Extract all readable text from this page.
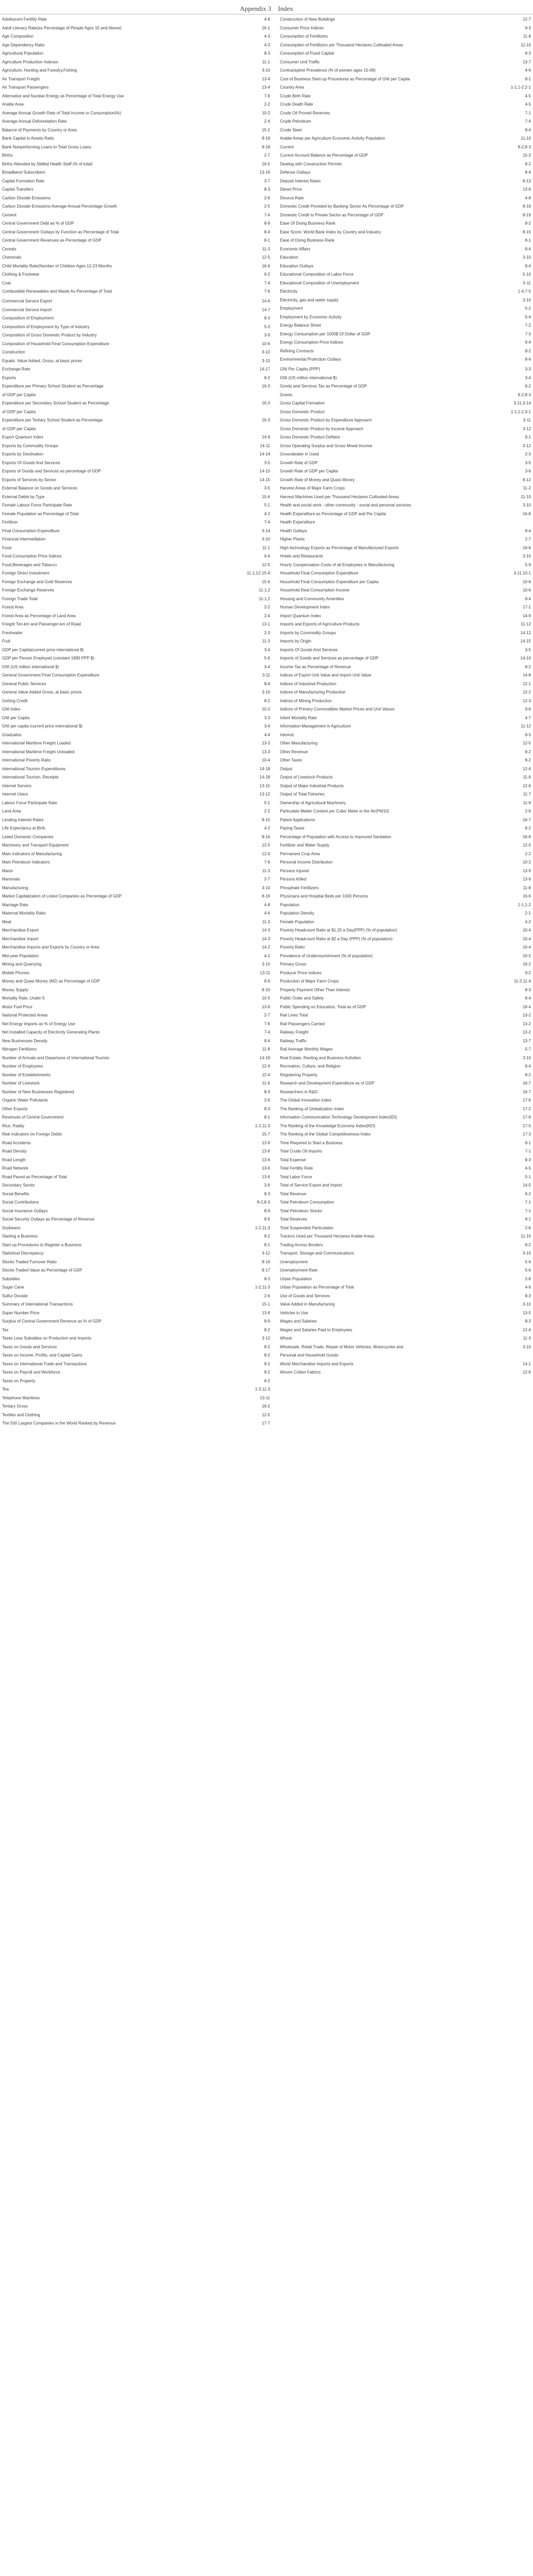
Appendix 3　Index
Adolescent Fertility Rate	4-6
Adult Literacy Rate(as Percentage of People Ages 15 and Above)	16-1
Age Composition	4-3
Age Dependency Ratio	4-3
Agricultural Population	8-3
Agriculture Production Indexes	11-1
Agriculture, Hunting and Forestry,Fishing	3-10
Air Transport Freight	13-4
Air Transport Passengers	13-4
Alternative and Nuclear Energy as Percentage of Total Energy Use	7-6
Arable Area	2-2
Average Annual Growth Rate of Total Income or Consumption(%)	10-2
Average Annual Deforestation Rate	2-4
Balance of Payments by Country or Area	15-2
Bank Capital to Assets Ratio	8-18
Bank Nonperforming Loans to Total Gross Loans	8-18
Births	2-7
Births Attended by Skilled Health Staff (% of total)	16-5
Broadband Subscribers	13-19
Capital Formation Rate	3-7
Capital Transfers	8-3
Carbon Dioxide Emissions	2-6
Carbon Dioxide Emissions Average Annual Percentage Growth	2-5
Cement	7-4
Central Government Debt as % of GDP	8-9
Central Government Outlays by Function as Percentage of Total	8-4
Central Government Revenues as Percentage of GDP	8-1
Cereals	11-3
Chemicals	12-5
Child Mortality Rate(Number of Children Ages 12-23 Months	16-6
Clothing & Footwear	6-2
Coal	7-4
Combustible Renewables and Waste As Percentage of Total	7-6
Commercial Service Export	14-6
Commercial Service Import	14-7
Composition of Employment	8-3
Composition of Employment by Type of Industry	5-3
Composition of Gross Domestic Product by Industry	3-9
Composition of Household Final Consumption Expenditure	10-6
Construction	3-10
Equals: Value Added, Gross, at basic prices	3-10
Exchange Rate	14-17
Exports	8-2
Expenditure per Primary School Student as Percentage	16-3
of GDP per Capita
Expenditure per Secondary School Student as Percentage	16-3
of GDP per Capita
Expenditure per Tertiary School Student as Percentage	16-3
of GDP per Capita
Export Quantum Index	14-9
Exports by Commodity Groups	14-11
Exports by Destination	14-14
Exports Of Goods And Services	3-5
Exports of Goods and Services as percentage of GDP	14-10
Exports of Services by Sector	14-15
External Balance on Goods and Services	3-5
External Debts by Type	15-6
Female Labour Force Participate Rate	5-1
Female Population as Percentage of Total	4-2
Fertilizer	7-4
Final Consumption Expenditure	3-14
Financial intermediation	3-10
Food	11-1
Food Consumption Price Indices	9-4
Food,Beverages and Tobacco	12-5
Foreign Direct Investment	11-1,12-15-4
Foreign Exchange and Gold Reserves	15-6
Foreign Exchange Reserves	11-1,2
Foreign Trade Total	11-1,2
Forest Area	2-2
Forest Area as Percentage of Land Area	2-4
Freight Ton-km and Passenger-km of Road	13-1
Freshwater	2-3
Fruit	11-3
GDP per Capita(current price international $)	3-4
GDP per Person Employed (constant 1990 PPP $)	5-6
GNI (US million international $)	3-4
General Government Final Consumption Expenditure	3-11
General Public Services	8-4
General Value Added Gross, at basic prices	3-10
Getting Credit	8-2
GNI index	10-2
GNI per Capita	3-3
GNI per capita (current price international $)	3-4
Graduates	4-4
International Maritime Freight Loaded	13-3
International Maritime Freight Unloaded	13-3
International Poverty Ratio	10-4
International Tourism Expenditures	14-18
International Tourism, Receipts	14-18
Internet Servers	13-15
Internet Users	13-12
Labour Force Participate Rate	5-1
Land Area	2-2
Lending Interest Rates	8-15
Life Expectancy at Birth	4-2
Listed Domestic Companies	8-16
Machinery and Transport Equipment	12-5
Main Indicators of Manufacturing	12-4
Main Petroleum Indicators	7-6
Maize	11-3
Mammals	2-7
Manufacturing	3-10
Market Capitalization of Listed Companies as Percentage of GDP	8-16
Marriage Rate	4-8
Maternal Mortality Ratio	4-6
Meat	11-3
Merchandise Export	14-3
Merchandise Import	14-3
Merchandise Imports and Exports by Country or Area	14-2
Mid-year Population	4-1
Mining and Quarrying	3-10
Mobile Phones	13-11
Money and Quasi Money (M2) as Percentage of GDP	8-9
Money Supply	8-10
Mortality Rate, Under-5	10-5
Motor Fuel Price	13-6
National Protected Areas	2-7
Net Energy Imports as % of Energy Use	7-6
Net Installed Capacity of Electricity Generating Plants	7-4
New Businesses Density	8-4
Nitrogen Fertilizers	11-8
Number of Arrivals and Departures of International Tourists	14-18
Number of Employees	12-4
Number of Establishments	12-4
Number of Livestock	11-6
Number of New Businesses Registered	8-3
Organic Water Pollutants	2-6
Other Exports	8-3
Revenues of Central Government	8-1
Rice, Paddy	1-2,11-3
Risk Indicators on Foreign Debts	15-7
Road Accidents	13-9
Road Density	13-6
Road Length	13-6
Road Network	13-6
Road Paved as Percentage of Total	13-6
Secondary Sector	3-9
Social Benefits	8-3
Social Contributions	8-2,8-3
Social Insurance Outlays	8-4
Social Security Outlays as Percentage of Revenue	8-5
Soybeans	1-2,11-3
Starting a Business	8-2
Start-up Procedures to Register a Business	8-1
Statistical Discrepancy	3-12
Stocks Traded Turnover Ratio	8-16
Stocks Traded Value as Percentage of GDP	8-17
Subsidies	8-3
Sugar Cane	1-2,11-3
Sulfur Dioxide	2-6
Summary of International Transactions	15-1
Super Number Price	13-6
Surplus of Central Government Revenue as % of GDP	8-9
Tax	8-2
Taxes Less Subsidies on Production and Imports	3-12
Taxes on Goods and Services	8-2
Taxes on Income, Profits, and Capital Gains	8-2
Taxes on International Trade and Transactions	8-2
Taxes on Payroll and Workforce	8-2
Taxes on Property	8-2
Tea	1-3,11-3
Telephone Mainlines	13-11
Tertiary Gross	16-2
Textiles and Clothing	12-5
The 500 Largest Companies in the World Ranked by Revenue	17-7
Construction of New Buildings	12-7
Consumer Price Indices	9-3
Consumption of Fertilizers	11-8
Consumption of Fertilizers per Thousand Hectares Cultivated Areas	11-10
Consumption of Fixed Capital	8-3
Consumer Unit Traffic	13-7
Contraceptive Prevalence (% of women ages 15-49)	4-6
Cost of Business Start-up Procedures as Percentage of GNI per Capita	8-1
Country Area	1-1,1-2,2-1
Crude Birth Rate	4-5
Crude Death Rate	4-5
Crude Oil Proved Reserves	7-1
Crude Petroleum	7-4
Crude Steel	8-4
Arable Areas per Agriculture Economic Activity Population	11-10
Current	8-2,8-3
Current Account Balance as Percentage of GDP	15-3
Dealing with Construction Permits	8-2
Defense Outlays	8-4
Deposit Interest Rates	8-13
Diesel Price	13-6
Divorce Rate	4-8
Domestic Credit Provided by Banking Sector As Percentage of GDP	8-19
Domestic Credit to Private Sector as Percentage of GDP	8-19
Ease Of Doing Business Rank	8-2
Ease Score: World Bank Index by Country and Industry	8-15
Ease of Doing Business Rank	8-1
Economic Affairs	8-4
Education	3-10
Education Outlays	8-4
Educational Composition of Labor Force	5-10
Educational Composition of Unemployment	5-11
Electricity	1-4,7-5
Electricity, gas and water supply	3-10
Employment	5-2
Employment by Economic Activity	5-4
Energy Balance Sheet	7-2
Energy Consumption per 1000$ Of Dollar of GDP	7-3
Energy Consumption Price Indices	9-4
Refining Contracts	8-2
Environmental Protection Outlays	8-4
GNI Per Capita (PPP)	3-3
GNI (US million international $)	3-4
Goods and Services Tax as Percentage of GDP	8-2
Grants	8-2,8-3
Gross Capital Formation	3-11,3-14
Gross Domestic Product	1-1,1-2,3-1
Gross Domestic Product by Expenditure Approach	3-11
Gross Domestic Product by Income Approach	3-12
Gross Domestic Product Deflator	9-1
Gross Operating Surplus and Gross Mixed Income	3-12
Groundwater in Used	2-3
Growth Rate of GDP	3-5
Growth Rate of GDP per Capita	3-6
Growth Rate of Money and Quasi Money	8-12
Harvest Areas of Major Farm Crops	11-2
Harvest Machines Used per Thousand Hectares Cultivated Areas	11-10
Health and social work - other community - social and personal services	3-10
Health Expenditure as Percentage of GDP and Per Capita	16-8
Health Expenditure
Health Outlays	8-4
Higher Plants	2-7
High-technology Exports as Percentage of Manufactured Exports	16-8
Hotels and Restaurants	3-10
Hourly Compensation Costs of all Employees in Manufacturing	5-9
Household Final Consumption Expenditure	3-11,10-1
Household Final Consumption Expenditure per Capita	10-6
Household Real Consumption Income	10-6
Housing and Community Amenities	8-4
Human Development Index	17-1
Import Quantum Index	14-9
Imports and Exports of Agriculture Products	11-12
Imports by Commodity Groups	14-12
Imports by Origin	14-15
Imports Of Goods And Services	3-5
Imports of Goods and Services as percentage of GDP	14-10
Income Tax as Percentage of Revenue	8-2
Indices of Export Unit Value and Import Unit Value	14-8
Indices of Industrial Production	12-1
Indices of Manufacturing Production	12-2
Indices of Mining Production	12-3
Indices of Primary Commodities Market Prices and Unit Values	9-6
Infant Mortality Rate	4-7
Information Management in Agriculture	11-12
Interest	8-3
Other Manufacturing	12-5
Other Revenue	8-2
Other Taxes	8-2
Output	12-4
Output of Livestock Products	11-6
Output of Major Industrial Products	12-6
Output of Total Fisheries	11-7
Ownership of Agricultural Machinery	11-9
Particulate Matter Content per Cubic Meter in the Air(PM10)	2-6
Patent Applications	16-7
Paying Taxes	8-2
Percentage of Population with Access to Improved Sanitation	16-8
Fertilizer and Water Supply	12-5
Permanent Crop Area	2-2
Personal Income Distribution	10-2
Persons Injured	13-9
Persons Killed	13-9
Phosphate Fertilizers	11-8
Physicians and Hospital Beds per 1000 Persons	16-6
Population	1-1,1-2
Population Density	2-1
Female Population	4-2
Poverty Headcount Ratio at $1.25 a Day(PPP) (% of population)	10-4
Poverty Headcount Ratio at $2 a Day (PPP) (% of population)	10-4
Poverty Ratio	10-4
Prevalence of Undernourishment (% of population)	10-5
Primary Gross	16-2
Producer Price Indices	9-2
Production of Major Farm Crops	11-3,11-4
Property Payment Other Than Interest	8-3
Public Order and Safety	8-4
Public Spending on Education, Total as of GDP	16-4
Rail Lines Total	13-2
Rail Passengers Carried	13-2
Railway Freight	13-2
Railway Traffic	13-7
Rail Average Monthly Wages	5-7
Real Estate, Renting and Business Activities	3-10
Recreation, Culture, and Religion	8-4
Registering Property	8-2
Research and Development Expenditure as of GDP	16-7
Researchers in R&D	16-7
The Global Innovation Index	17-6
The Ranking of Globalization Index	17-2
Information Communication Technology Development Index(IDI)	17-6
The Ranking of the Knowledge Economy Index(KEI)	17-5
The Ranking of the Global Competitiveness Index	17-3
Time Required to Start a Business	8-1
Total Crude Oil Imports	7-1
Total Expense	8-3
Total Fertility Rate	4-5
Total Labor Force	5-1
Total of Service Export and Import	14-5
Total Revenue	8-2
Total Petroleum Consumption	7-1
Total Petroleum Stocks	7-1
Total Reserves	8-1
Total Suspended Particulates	2-6
Tractors Used per Thousand Hectares Arable Areas	11-10
Trading Across Borders	8-2
Transport, Storage and Communications	3-10
Unemployment	5-6
Unemployment Rate	5-6
Urban Population	2-8
Urban Population as Percentage of Total	4-9
Use of Goods and Services	8-3
Value Added in Manufacturing	3-10
Vehicles in Use	13-5
Wages and Salaries	8-3
Wages and Salaries Paid to Employees	12-4
Wheat	11-3
Wholesale, Retail Trade, Repair of Motor Vehicles, Motorcycles and	3-10
Personal and Household Goods
World Merchandise Imports and Exports	14-1
Woven Cotton Fabrics	12-6
